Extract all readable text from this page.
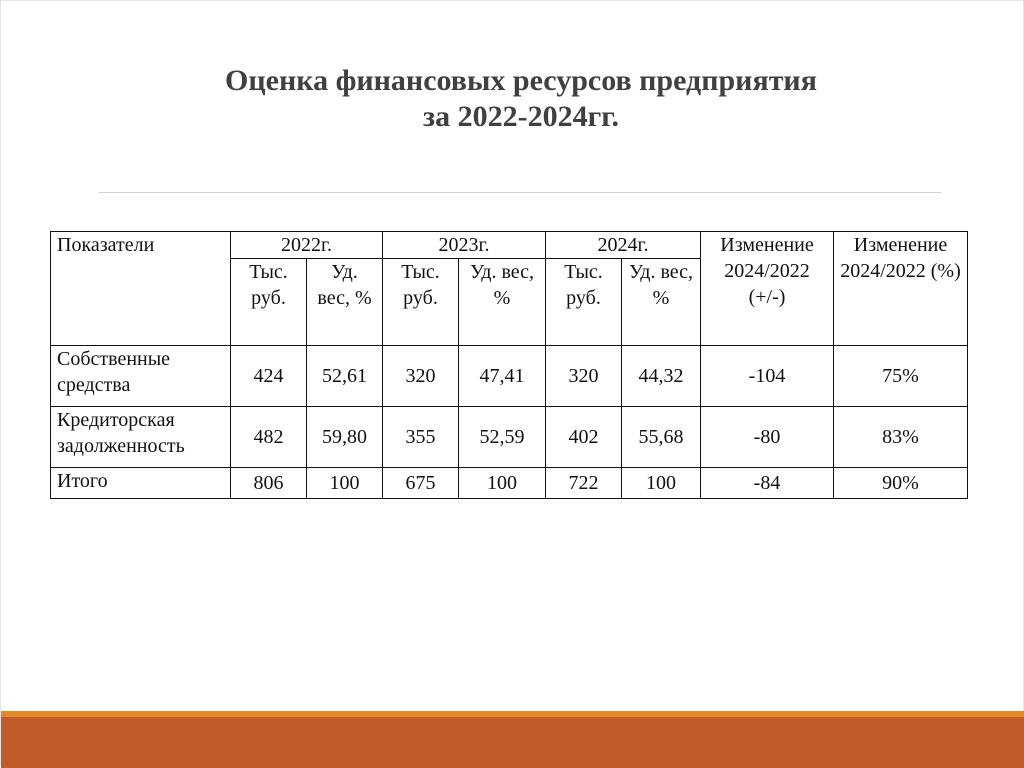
Оценка финансовых ресурсов предприятия
за 2022-2024гг.
Показатели	2022г.		2023г.		2024г.		Изменение 2024/2022 (+/-)	Изменение 2024/2022 (%)
	Тыс. руб.	Уд. вес, %	Тыс. руб.	Уд. вес, %	Тыс. руб.	Уд. вес, %		
Собственные средства	424	52,61	320	47,41	320	44,32	-104	75%
Кредиторская задолженность	482	59,80	355	52,59	402	55,68	-80	83%
Итого	806	100	675	100	722	100	-84	90%
